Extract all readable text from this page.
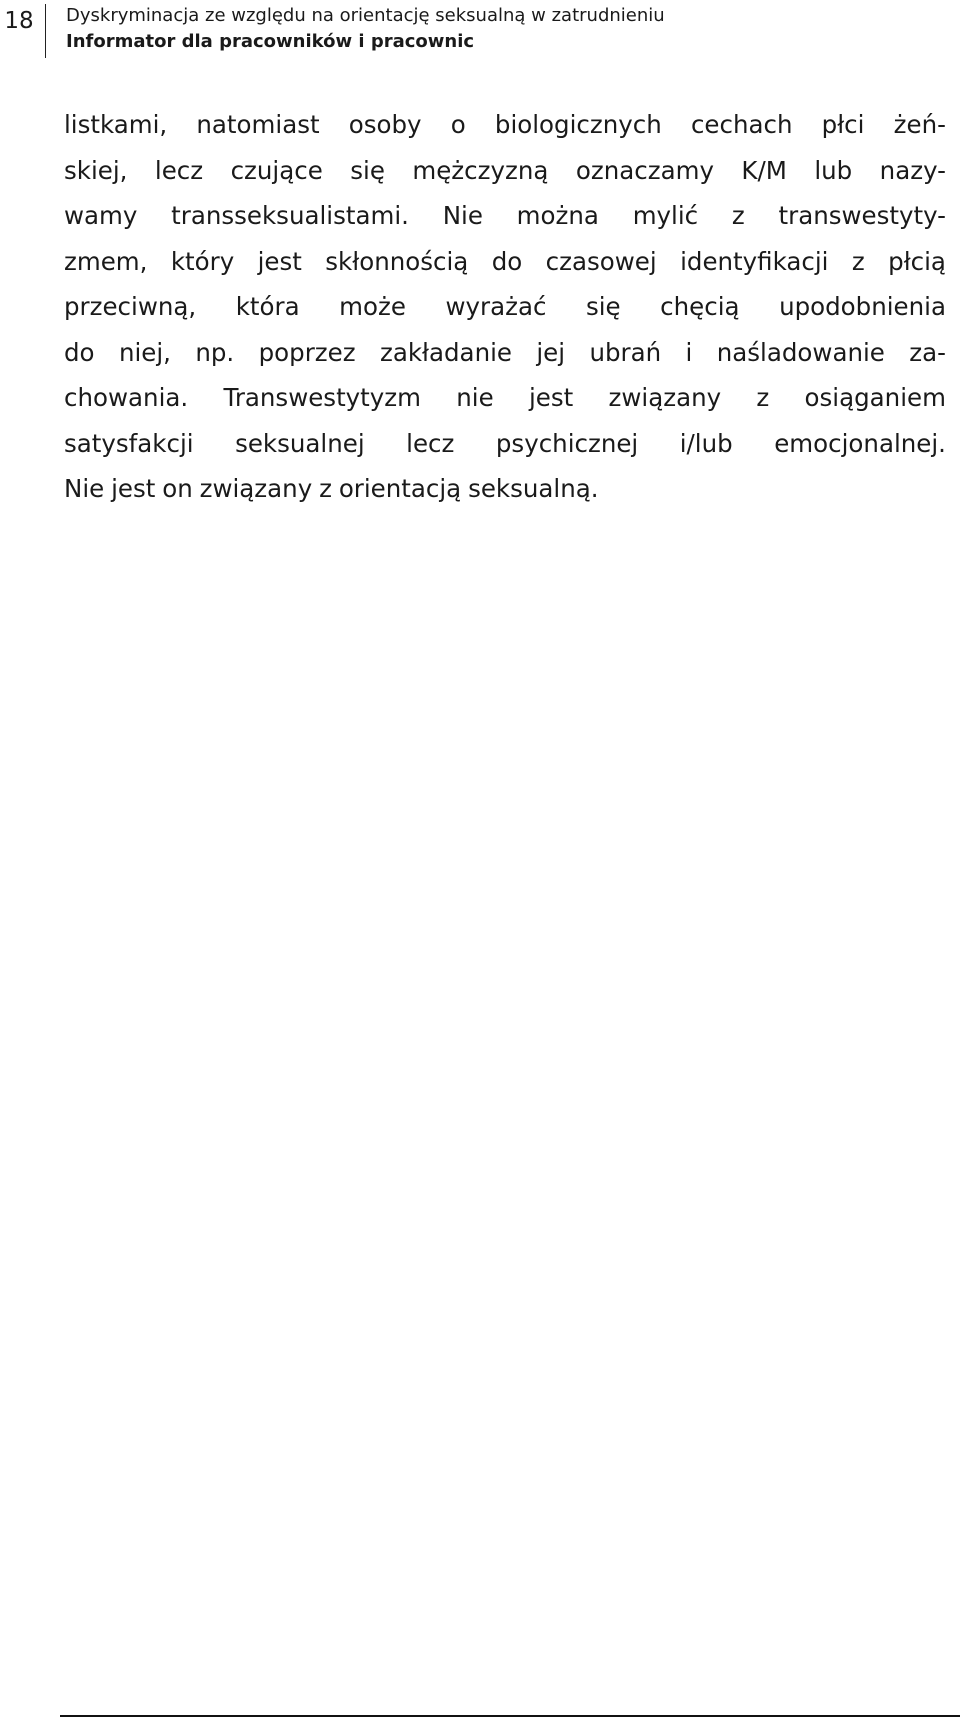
18 Dyskryminacja ze względu na orientację seksualną w zatrudnieniu
Informator dla pracowników i pracownic
listkami, natomiast osoby o biologicznych cechach płci żeń-
skiej, lecz czujące się mężczyzną oznaczamy K/M lub nazy-
wamy transseksualistami. Nie można mylić z transwestyty-
zmem, który jest skłonnością do czasowej identyfikacji z płcią
przeciwną, która może wyrażać się chęcią upodobnienia
do niej, np. poprzez zakładanie jej ubrań i naśladowanie za-
chowania. Transwestytyzm nie jest związany z osiąganiem
satysfakcji seksualnej lecz psychicznej i/lub emocjonalnej.
Nie jest on związany z orientacją seksualną.
